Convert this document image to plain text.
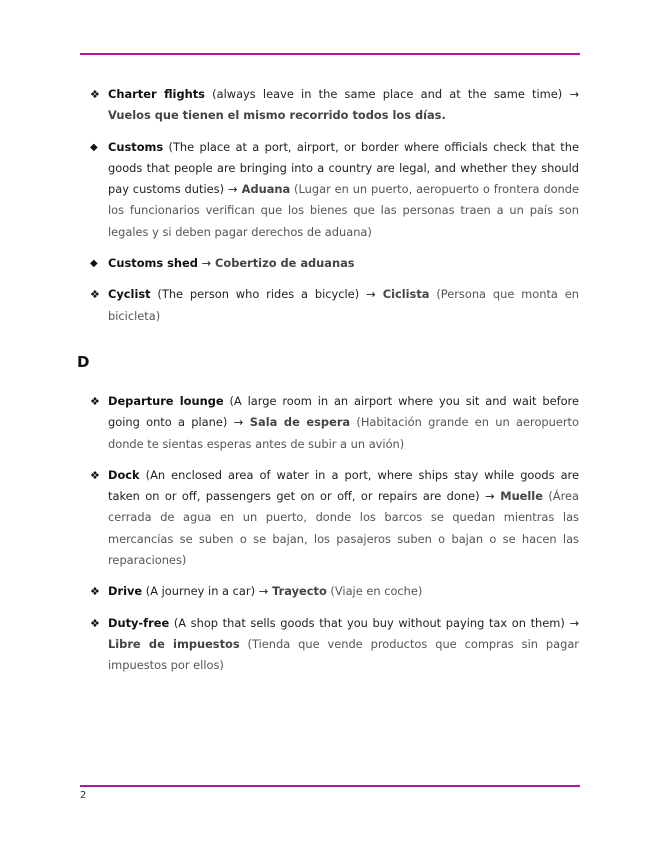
❖ Charter flights (always leave in the same place and at the same time) → Vuelos que tienen el mismo recorrido todos los días.
◆ Customs (The place at a port, airport, or border where officials check that the goods that people are bringing into a country are legal, and whether they should pay customs duties) → Aduana (Lugar en un puerto, aeropuerto o frontera donde los funcionarios verifican que los bienes que las personas traen a un país son legales y si deben pagar derechos de aduana)
◆ Customs shed → Cobertizo de aduanas
❖ Cyclist (The person who rides a bicycle) → Ciclista (Persona que monta en bicicleta)
D
❖ Departure lounge (A large room in an airport where you sit and wait before going onto a plane) → Sala de espera (Habitación grande en un aeropuerto donde te sientas esperas antes de subir a un avión)
❖ Dock (An enclosed area of water in a port, where ships stay while goods are taken on or off, passengers get on or off, or repairs are done) → Muelle (Área cerrada de agua en un puerto, donde los barcos se quedan mientras las mercancías se suben o se bajan, los pasajeros suben o bajan o se hacen las reparaciones)
❖ Drive (A journey in a car) → Trayecto (Viaje en coche)
❖ Duty-free (A shop that sells goods that you buy without paying tax on them) → Libre de impuestos (Tienda que vende productos que compras sin pagar impuestos por ellos)
2
